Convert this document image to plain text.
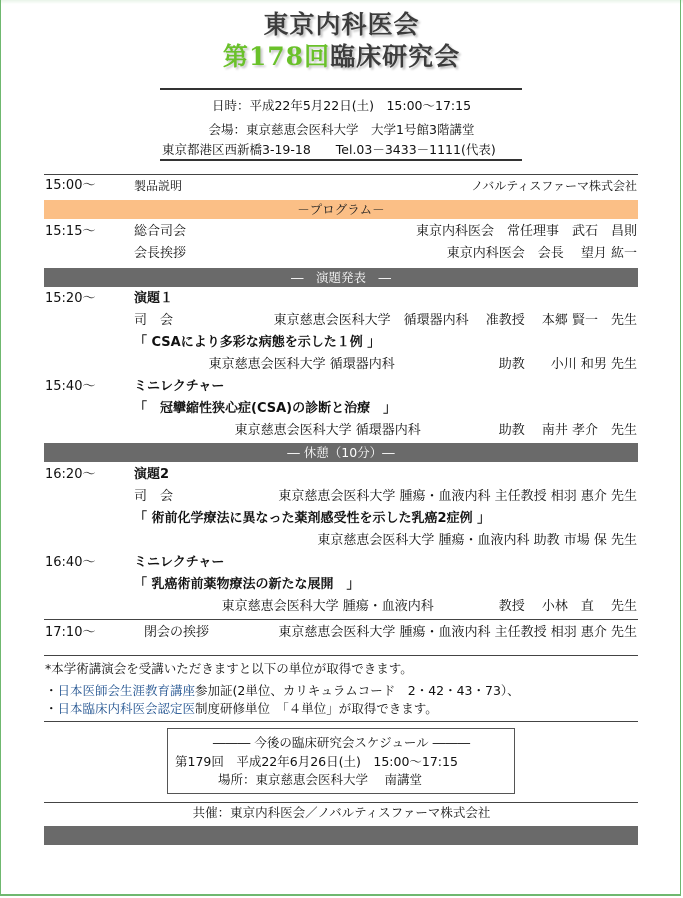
東京内科医会
第178回臨床研究会
日時：平成22年5月22日(土)　15:00～17:15
会場：東京慈恵会医科大学　大学1号館3階講堂
東京都港区西新橋3-19-18　　Tel.03－3433－1111(代表)
15:00～	製品説明	ノバルティスファーマ株式会社
－プログラム－
15:15～	総合司会	東京内科医会　常任理事　武石　昌則
会長挨拶	東京内科医会　会長　 望月 紘一
―　演題発表　―
15:20～	演題１
司　会	東京慈恵会医科大学　循環器内科　 准教授　 本郷 賢一　先生
「 CSAにより多彩な病態を示した１例 」
東京慈恵会医科大学 循環器内科　　　　　　　　助教　　小川 和男 先生
15:40～	ミニレクチャー
「　冠攣縮性狭心症(CSA)の診断と治療　」
東京慈恵会医科大学 循環器内科　　　　　　助教　 南井 孝介　先生
― 休憩（10分）―
16:20～	演題2
司　会	東京慈恵会医科大学 腫瘍・血液内科 主任教授 相羽 惠介 先生
「 術前化学療法に異なった薬剤感受性を示した乳癌2症例 」
東京慈恵会医科大学 腫瘍・血液内科 助教 市場 保 先生
16:40～	ミニレクチャー
「 乳癌術前薬物療法の新たな展開　」
東京慈恵会医科大学 腫瘍・血液内科　　　　　教授　 小林　直　 先生
17:10～	閉会の挨拶	東京慈恵会医科大学 腫瘍・血液内科 主任教授 相羽 惠介 先生
*本学術講演会を受講いただきますと以下の単位が取得できます。
・日本医師会生涯教育講座参加証(2単位、カリキュラムコード　2・42・43・73）、
・日本臨床内科医会認定医制度研修単位　「４単位」が取得できます。
――― 今後の臨床研究会スケジュール ―――
第179回　平成22年6月26日(土)　15:00～17:15
場所：東京慈恵会医科大学　 南講堂
共催：東京内科医会／ノバルティスファーマ株式会社
